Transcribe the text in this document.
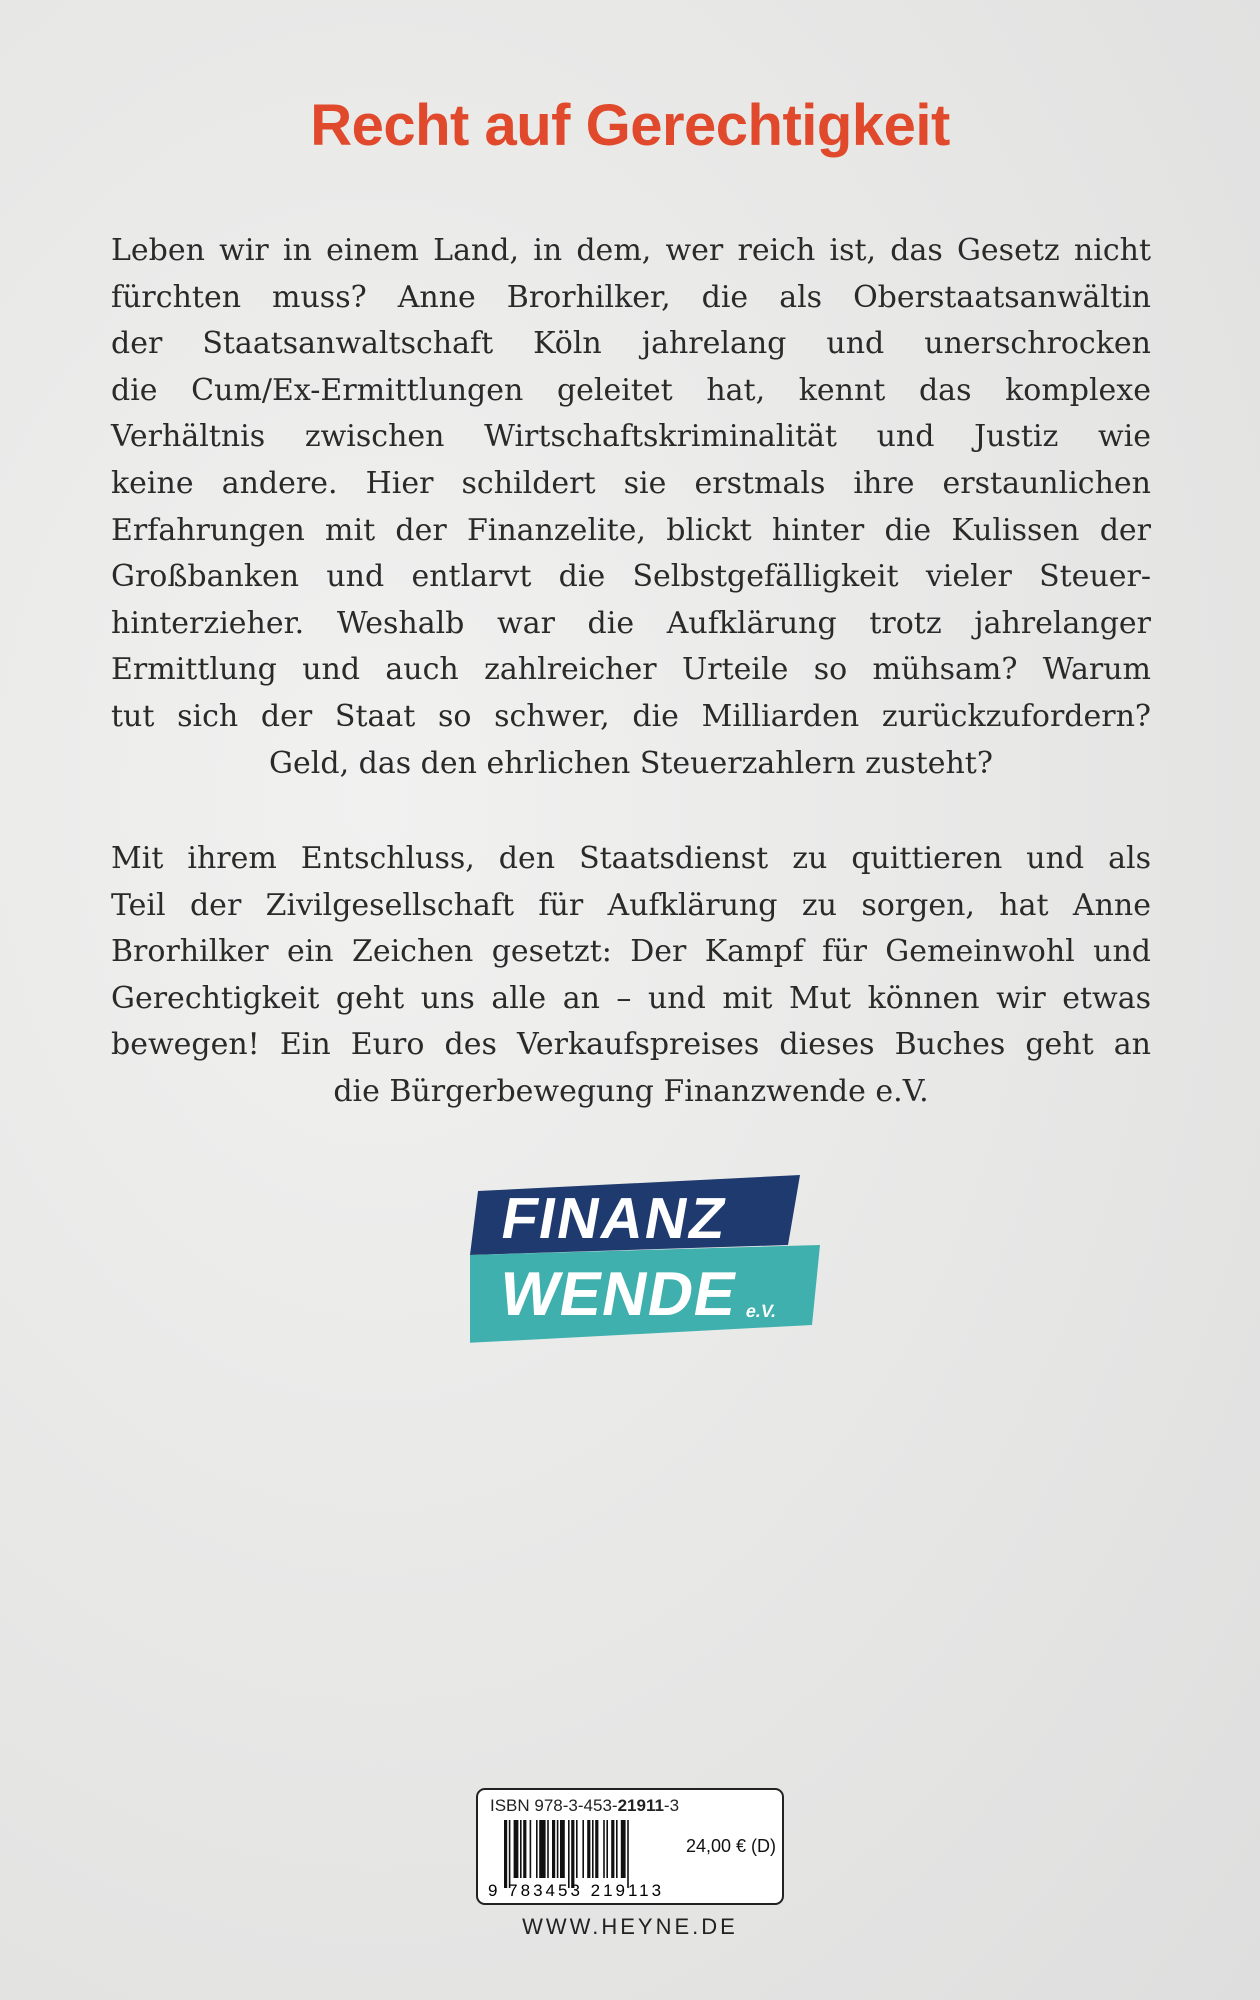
Recht auf Gerechtigkeit
Leben wir in einem Land, in dem, wer reich ist, das Gesetz nicht
fürchten muss? Anne Brorhilker, die als Oberstaatsanwältin
der Staatsanwaltschaft Köln jahrelang und unerschrocken
die Cum/Ex-Ermittlungen geleitet hat, kennt das komplexe
Verhältnis zwischen Wirtschaftskriminalität und Justiz wie
keine andere. Hier schildert sie erstmals ihre erstaunlichen
Erfahrungen mit der Finanzelite, blickt hinter die Kulissen der
Großbanken und entlarvt die Selbstgefälligkeit vieler Steuer-
hinterzieher. Weshalb war die Aufklärung trotz jahrelanger
Ermittlung und auch zahlreicher Urteile so mühsam? Warum
tut sich der Staat so schwer, die Milliarden zurückzufordern?
Geld, das den ehrlichen Steuerzahlern zusteht?
Mit ihrem Entschluss, den Staatsdienst zu quittieren und als
Teil der Zivilgesellschaft für Aufklärung zu sorgen, hat Anne
Brorhilker ein Zeichen gesetzt: Der Kampf für Gemeinwohl und
Gerechtigkeit geht uns alle an – und mit Mut können wir etwas
bewegen! Ein Euro des Verkaufspreises dieses Buches geht an
die Bürgerbewegung Finanzwende e.V.
FINANZ
WENDE e.V.
ISBN 978-3-453-21911-3
9 783453 219113
24,00 € (D)
WWW.HEYNE.DE
